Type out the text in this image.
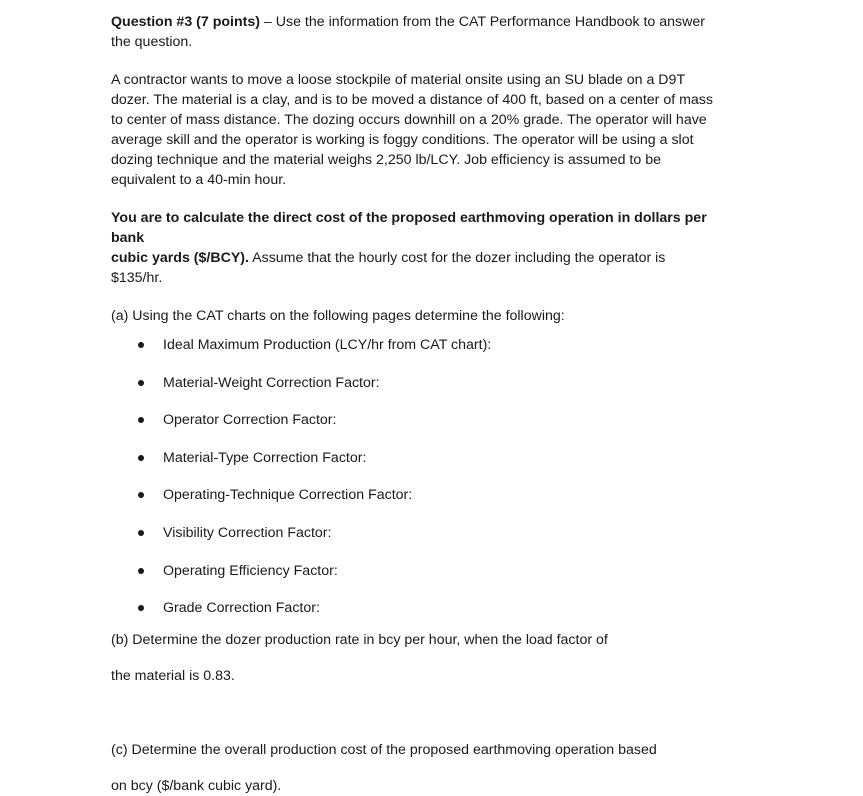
Question #3 (7 points) – Use the information from the CAT Performance Handbook to answer
the question.
A contractor wants to move a loose stockpile of material onsite using an SU blade on a D9T
dozer. The material is a clay, and is to be moved a distance of 400 ft, based on a center of mass
to center of mass distance. The dozing occurs downhill on a 20% grade. The operator will have
average skill and the operator is working is foggy conditions. The operator will be using a slot
dozing technique and the material weighs 2,250 lb/LCY. Job efficiency is assumed to be
equivalent to a 40-min hour.
You are to calculate the direct cost of the proposed earthmoving operation in dollars per bank
cubic yards ($/BCY). Assume that the hourly cost for the dozer including the operator is
$135/hr.
(a) Using the CAT charts on the following pages determine the following:
Ideal Maximum Production (LCY/hr from CAT chart):
Material-Weight Correction Factor:
Operator Correction Factor:
Material-Type Correction Factor:
Operating-Technique Correction Factor:
Visibility Correction Factor:
Operating Efficiency Factor:
Grade Correction Factor:
(b) Determine the dozer production rate in bcy per hour, when the load factor of
the material is 0.83.
(c) Determine the overall production cost of the proposed earthmoving operation based
on bcy ($/bank cubic yard).
